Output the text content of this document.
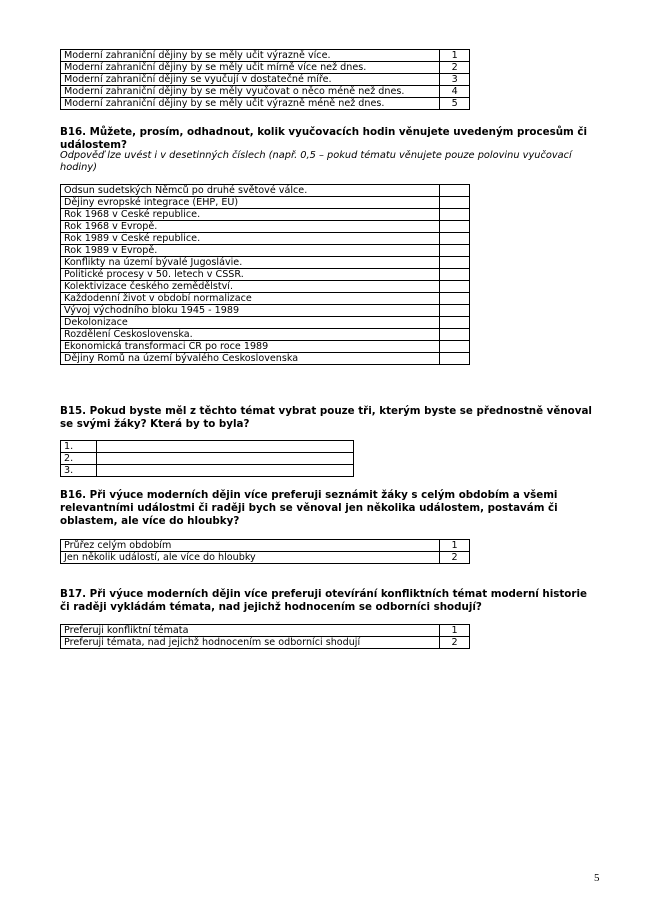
Moderní zahraniční dějiny by se měly učit výrazně více.	1
Moderní zahraniční dějiny by se měly učit mírně více než dnes.	2
Moderní zahraniční dějiny se vyučují v dostatečné míře.	3
Moderní zahraniční dějiny by se měly vyučovat o něco méně než dnes.	4
Moderní zahraniční dějiny by se měly učit výrazně méně než dnes.	5
B16. Můžete, prosím, odhadnout, kolik vyučovacích hodin věnujete uvedeným procesům či událostem?
Odpověď lze uvést i v desetinných číslech (např. 0,5 – pokud tématu věnujete pouze polovinu vyučovací hodiny)
Odsun sudetských Němců po druhé světové válce.	
Dějiny evropské integrace (EHP, EU)	
Rok 1968 v České republice.	
Rok 1968 v Evropě.	
Rok 1989 v České republice.	
Rok 1989 v Evropě.	
Konflikty na území bývalé Jugoslávie.	
Politické procesy v 50. letech v ČSSR.	
Kolektivizace českého zemědělství.	
Každodenní život v období normalizace	
Vývoj východního bloku 1945 - 1989	
Dekolonizace	
Rozdělení Československa.	
Ekonomická transformaci ČR po roce 1989	
Dějiny Romů na území bývalého Československa	
B15. Pokud byste měl z těchto témat vybrat pouze tři, kterým byste se přednostně věnoval se svými žáky? Která by to byla?
1.	
2.	
3.	
B16. Při výuce moderních dějin více preferuji seznámit žáky s celým obdobím a všemi relevantními událostmi či raději bych se věnoval jen několika událostem, postavám či oblastem, ale více do hloubky?
Průřez celým obdobím	1
Jen několik událostí, ale více do hloubky	2
B17. Při výuce moderních dějin více preferuji otevírání konfliktních témat moderní historie či raději vykládám témata, nad jejichž hodnocením se odborníci shodují?
Preferuji konfliktní témata	1
Preferuji témata, nad jejichž hodnocením se odborníci shodují	2
5
